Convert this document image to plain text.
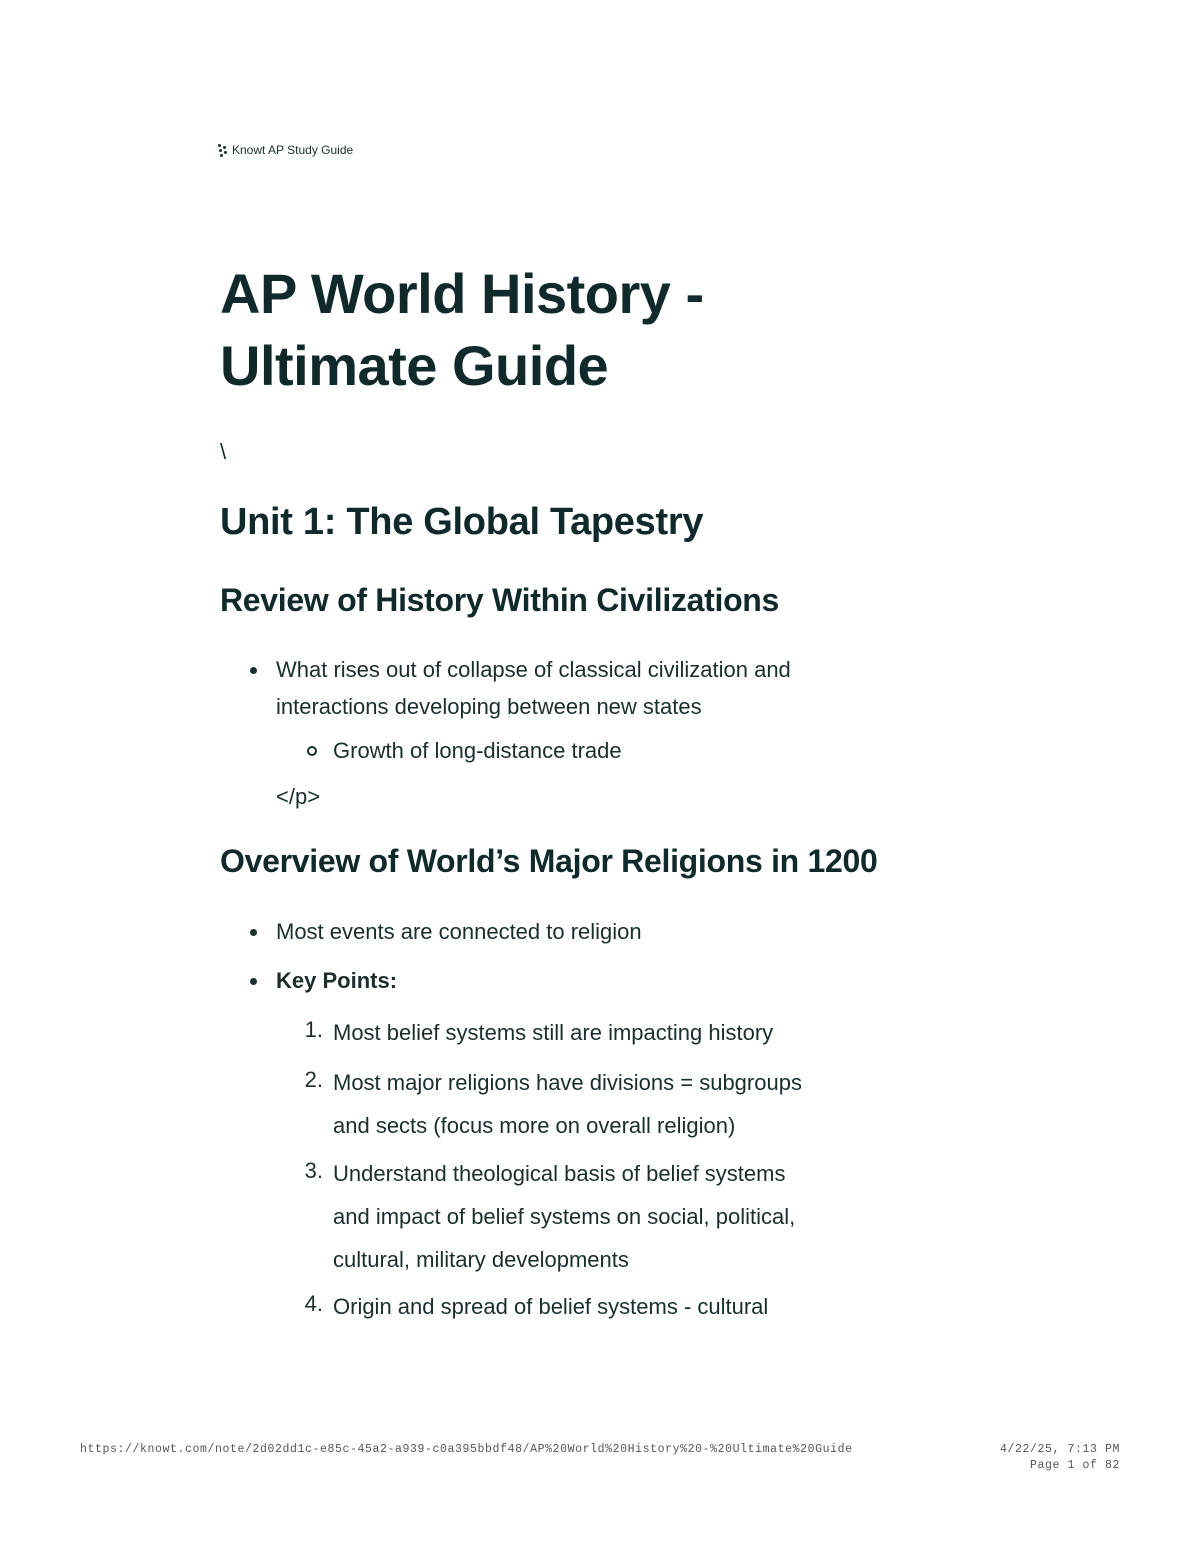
Knowt AP Study Guide
AP World History -
Ultimate Guide
\
Unit 1: The Global Tapestry
Review of History Within Civilizations
What rises out of collapse of classical civilization and
interactions developing between new states
Growth of long-distance trade
</p>
Overview of World’s Major Religions in 1200
Most events are connected to religion
Key Points:
1. Most belief systems still are impacting history
2. Most major religions have divisions = subgroups
and sects (focus more on overall religion)
3. Understand theological basis of belief systems
and impact of belief systems on social, political,
cultural, military developments
4. Origin and spread of belief systems - cultural
https://knowt.com/note/2d02dd1c-e85c-45a2-a939-c0a395bbdf48/AP%20World%20History%20-%20Ultimate%20Guide	4/22/25, 7:13 PM
Page 1 of 82
